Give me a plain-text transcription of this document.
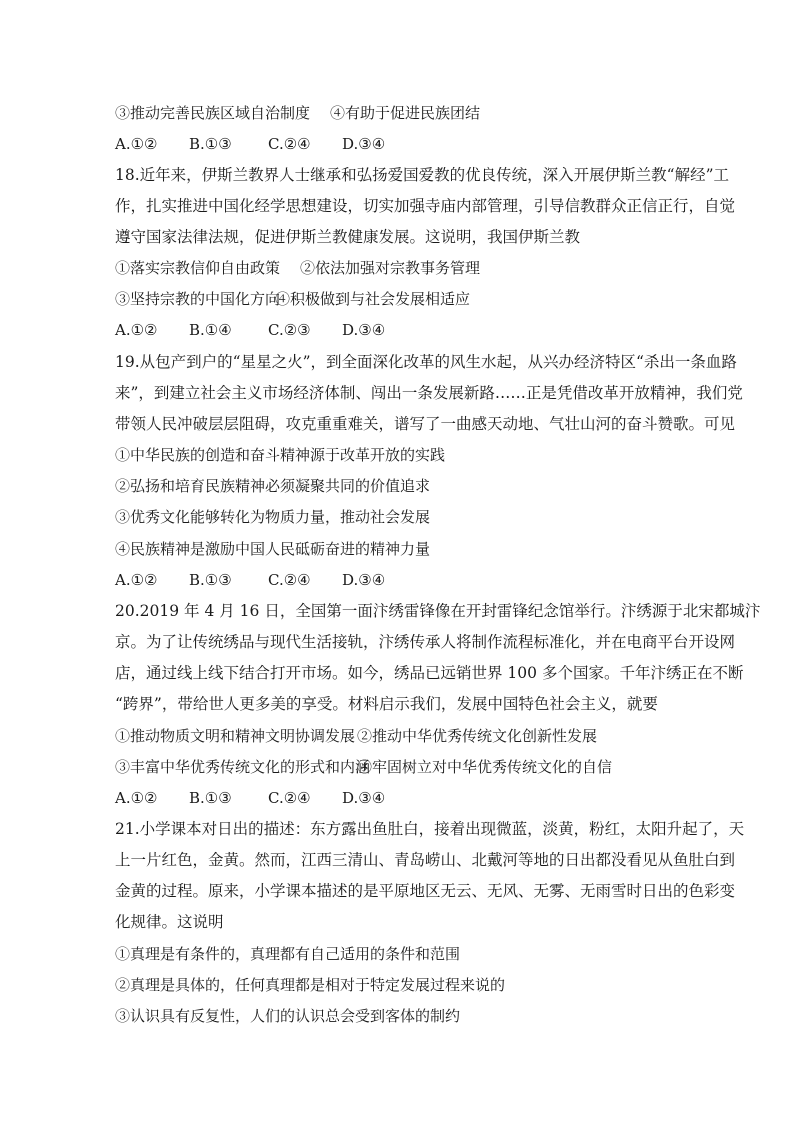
③推动完善民族区域自治制度 ④有助于促进民族团结
A.①② B.①③ C.②④ D.③④
18.近年来，伊斯兰教界人士继承和弘扬爱国爱教的优良传统，深入开展伊斯兰教“解经”工
作，扎实推进中国化经学思想建设，切实加强寺庙内部管理，引导信教群众正信正行，自觉
遵守国家法律法规，促进伊斯兰教健康发展。这说明，我国伊斯兰教
①落实宗教信仰自由政策 ②依法加强对宗教事务管理
③坚持宗教的中国化方向④积极做到与社会发展相适应
A.①② B.①④ C.②③ D.③④
19.从包产到户的“星星之火”，到全面深化改革的风生水起，从兴办经济特区“杀出一条血路
来”，到建立社会主义市场经济体制、闯出一条发展新路……正是凭借改革开放精神，我们党
带领人民冲破层层阻碍，攻克重重难关，谱写了一曲感天动地、气壮山河的奋斗赞歌。可见
①中华民族的创造和奋斗精神源于改革开放的实践
②弘扬和培育民族精神必须凝聚共同的价值追求
③优秀文化能够转化为物质力量，推动社会发展
④民族精神是激励中国人民砥砺奋进的精神力量
A.①② B.①③ C.②④ D.③④
20.2019 年 4 月 16 日，全国第一面汴绣雷锋像在开封雷锋纪念馆举行。汴绣源于北宋都城汴
京。为了让传统绣品与现代生活接轨，汴绣传承人将制作流程标准化，并在电商平台开设网
店，通过线上线下结合打开市场。如今，绣品已远销世界 100 多个国家。千年汴绣正在不断
“跨界”，带给世人更多美的享受。材料启示我们，发展中国特色社会主义，就要
①推动物质文明和精神文明协调发展 ②推动中华优秀传统文化创新性发展
③丰富中华优秀传统文化的形式和内涵④牢固树立对中华优秀传统文化的自信
A.①② B.①③ C.②④ D.③④
21.小学课本对日出的描述：东方露出鱼肚白，接着出现微蓝，淡黄，粉红，太阳升起了，天
上一片红色，金黄。然而，江西三清山、青岛崂山、北戴河等地的日出都没看见从鱼肚白到
金黄的过程。原来，小学课本描述的是平原地区无云、无风、无雾、无雨雪时日出的色彩变
化规律。这说明
①真理是有条件的，真理都有自己适用的条件和范围
②真理是具体的，任何真理都是相对于特定发展过程来说的
③认识具有反复性，人们的认识总会受到客体的制约
